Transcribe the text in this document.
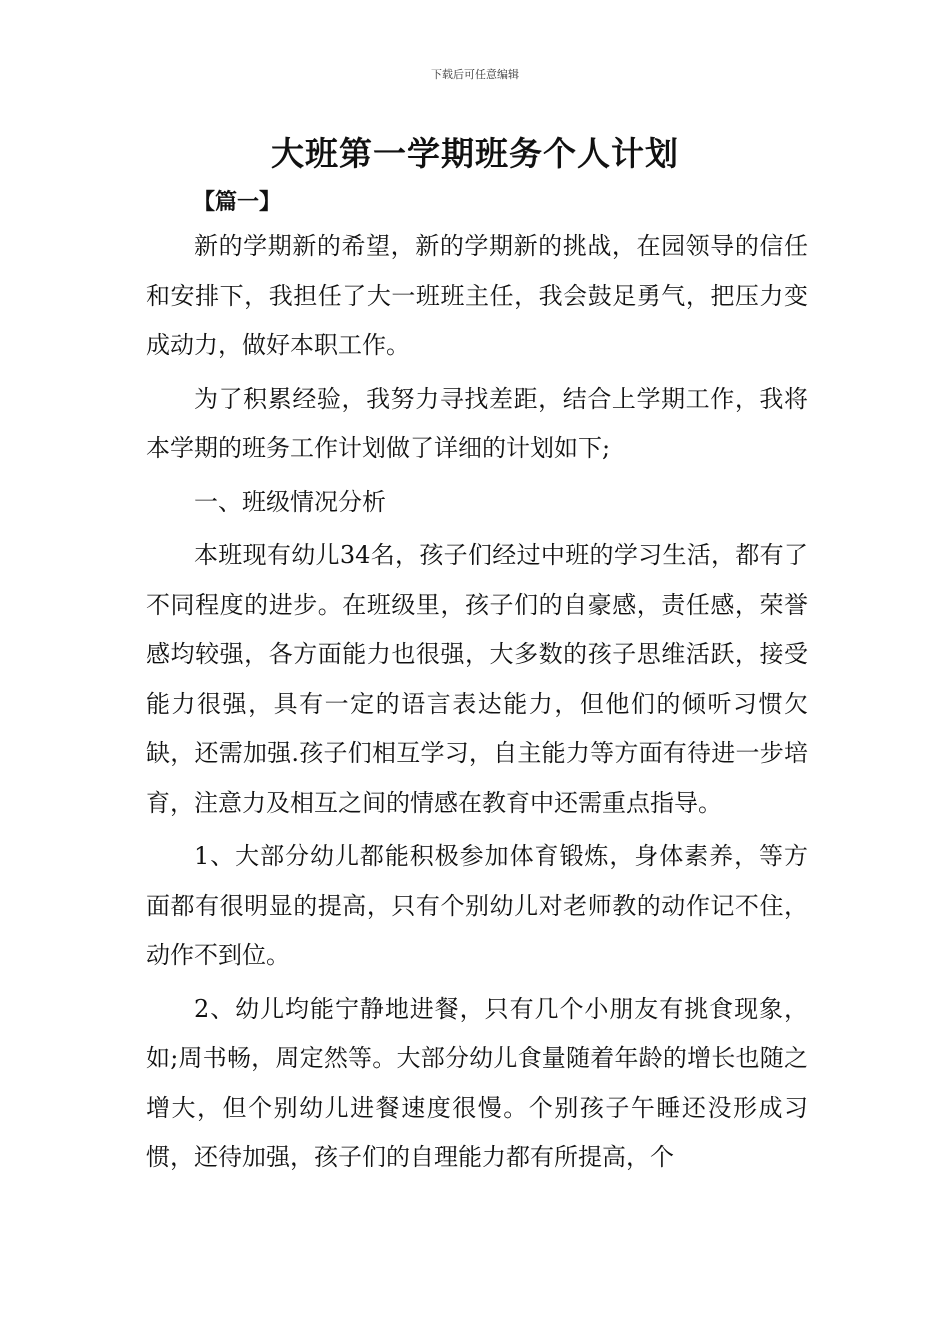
下载后可任意编辑
大班第一学期班务个人计划
【篇一】

新的学期新的希望，新的学期新的挑战，在园领导的信任和安排下，我担任了大一班班主任，我会鼓足勇气，把压力变成动力，做好本职工作。

为了积累经验，我努力寻找差距，结合上学期工作，我将本学期的班务工作计划做了详细的计划如下;

一、班级情况分析

本班现有幼儿34名，孩子们经过中班的学习生活，都有了不同程度的进步。在班级里，孩子们的自豪感，责任感，荣誉感均较强，各方面能力也很强，大多数的孩子思维活跃，接受能力很强，具有一定的语言表达能力，但他们的倾听习惯欠缺，还需加强.孩子们相互学习，自主能力等方面有待进一步培育，注意力及相互之间的情感在教育中还需重点指导。

1、大部分幼儿都能积极参加体育锻炼，身体素养，等方面都有很明显的提高，只有个别幼儿对老师教的动作记不住，动作不到位。

2、幼儿均能宁静地进餐，只有几个小朋友有挑食现象，如;周书畅，周定然等。大部分幼儿食量随着年龄的增长也随之增大，但个别幼儿进餐速度很慢。个别孩子午睡还没形成习惯，还待加强，孩子们的自理能力都有所提高，个
